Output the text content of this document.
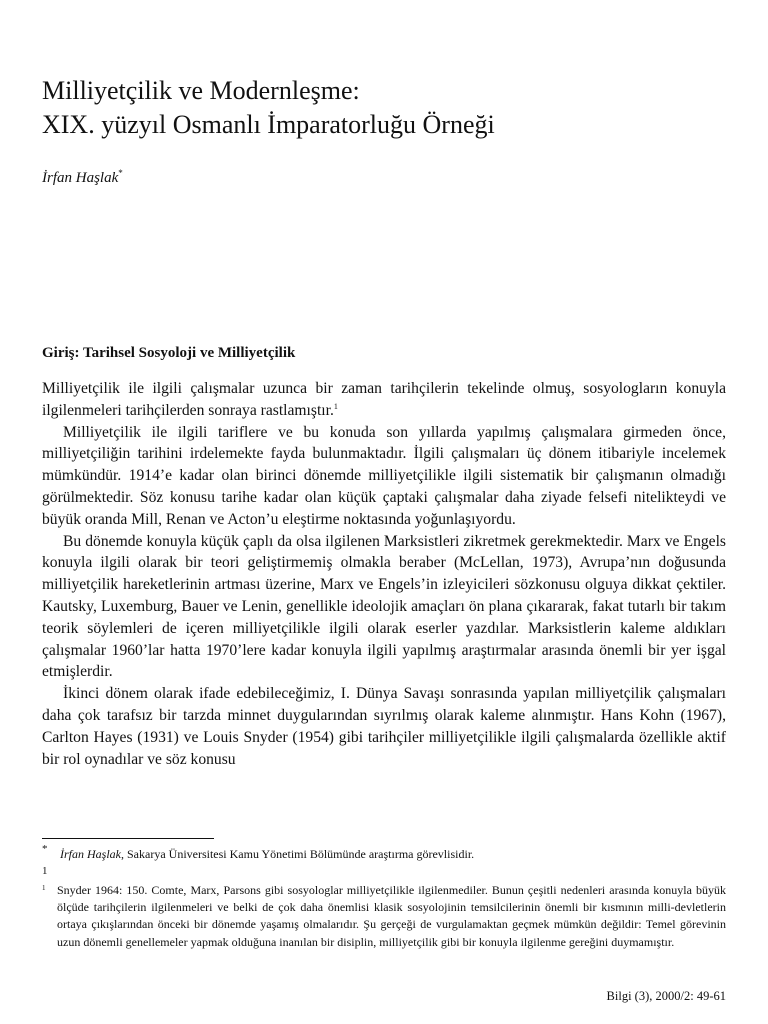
Milliyetçilik ve Modernleşme:
XIX. yüzyıl Osmanlı İmparatorluğu Örneği
İrfan Haşlak*
Giriş: Tarihsel Sosyoloji ve Milliyetçilik

Milliyetçilik ile ilgili çalışmalar uzunca bir zaman tarihçilerin tekelinde olmuş, sosyologların konuyla ilgilenmeleri tarihçilerden sonraya rastlamıştır.$^1$

Milliyetçilik ile ilgili tariflere ve bu konuda son yıllarda yapılmış çalışmalara girmeden önce, milliyetçiliğin tarihini irdelemekte fayda bulunmaktadır. İlgili çalışmaları üç dönem itibariyle incelemek mümkündür. 1914’e kadar olan birinci dönemde milliyetçilikle ilgili sistematik bir çalışmanın olmadığı görülmektedir. Söz konusu tarihe kadar olan küçük çaptaki çalışmalar daha ziyade felsefi nitelikteydi ve büyük oranda Mill, Renan ve Acton’u eleştirme noktasında yoğunlaşıyordu.

Bu dönemde konuyla küçük çaplı da olsa ilgilenen Marksistleri zikretmek gerekmektedir. Marx ve Engels konuyla ilgili olarak bir teori geliştirmemiş olmakla beraber (McLellan, 1973), Avrupa’nın doğusunda milliyetçilik hareketlerinin artması üzerine, Marx ve Engels’in izleyicileri sözkonusu olguya dikkat çektiler. Kautsky, Luxemburg, Bauer ve Lenin, genellikle ideolojik amaçları ön plana çıkararak, fakat tutarlı bir takım teorik söylemleri de içeren milliyetçilikle ilgili olarak eserler yazdılar. Marksistlerin kaleme aldıkları çalışmalar 1960’lar hatta 1970’lere kadar konuyla ilgili yapılmış araştırmalar arasında önemli bir yer işgal etmişlerdir.

İkinci dönem olarak ifade edebileceğimiz, I. Dünya Savaşı sonrasında yapılan milliyetçilik çalışmaları daha çok tarafsız bir tarzda minnet duygularından sıyrılmış olarak kaleme alınmıştır. Hans Kohn (1967), Carlton Hayes (1931) ve Louis Snyder (1954) gibi tarihçiler milliyetçilikle ilgili çalışmalarda özellikle aktif bir rol oynadılar ve söz konusu

* İrfan Haşlak, Sakarya Üniversitesi Kamu Yönetimi Bölümünde araştırma görevlisidir.
1
1 Snyder 1964: 150. Comte, Marx, Parsons gibi sosyologlar milliyetçilikle ilgilenmediler. Bunun çeşitli nedenleri arasında konuyla büyük ölçüde tarihçilerin ilgilenmeleri ve belki de çok daha önemlisi klasik sosyolojinin temsilcilerinin önemli bir kısmının milli-devletlerin ortaya çıkışlarından önceki bir dönemde yaşamış olmalarıdır. Şu gerçeği de vurgulamaktan geçmek mümkün değildir: Temel görevinin uzun dönemli genellemeler yapmak olduğuna inanılan bir disiplin, milliyetçilik gibi bir konuyla ilgilenme gereğini duymamıştır.
Bilgi (3), 2000/2: 49-61
